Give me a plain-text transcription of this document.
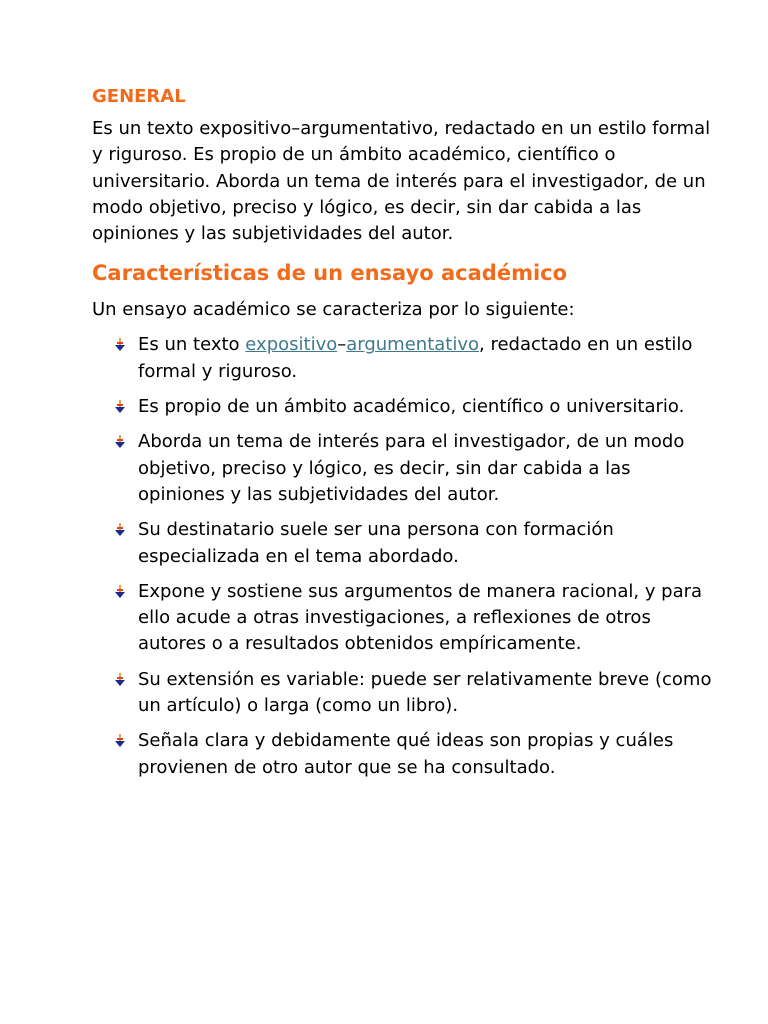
GENERAL

Es un texto expositivo–argumentativo, redactado en un estilo formal y riguroso. Es propio de un ámbito académico, científico o universitario. Aborda un tema de interés para el investigador, de un modo objetivo, preciso y lógico, es decir, sin dar cabida a las opiniones y las subjetividades del autor.

Características de un ensayo académico

Un ensayo académico se caracteriza por lo siguiente:

Es un texto expositivo–argumentativo, redactado en un estilo formal y riguroso.
Es propio de un ámbito académico, científico o universitario.
Aborda un tema de interés para el investigador, de un modo objetivo, preciso y lógico, es decir, sin dar cabida a las opiniones y las subjetividades del autor.
Su destinatario suele ser una persona con formación especializada en el tema abordado.
Expone y sostiene sus argumentos de manera racional, y para ello acude a otras investigaciones, a reflexiones de otros autores o a resultados obtenidos empíricamente.
Su extensión es variable: puede ser relativamente breve (como un artículo) o larga (como un libro).
Señala clara y debidamente qué ideas son propias y cuáles provienen de otro autor que se ha consultado.
